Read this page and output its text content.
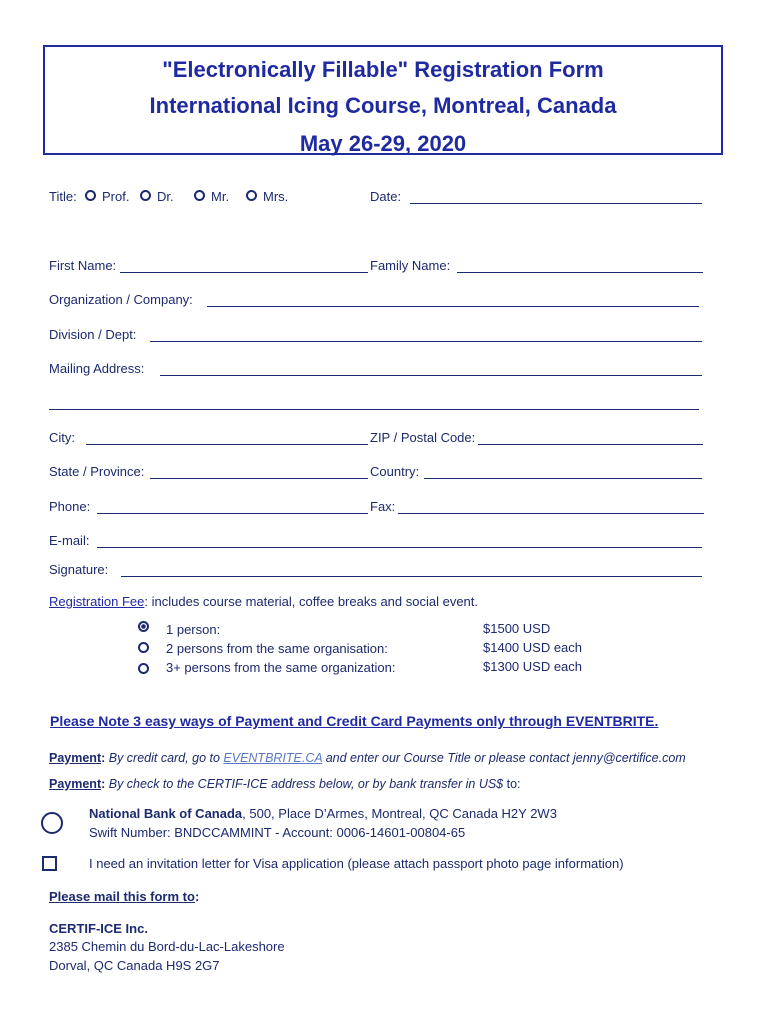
"Electronically Fillable" Registration Form
International Icing Course, Montreal, Canada
May 26-29, 2020
Title: Prof. Dr.	Mr.	Mrs.	Date:
First Name:	Family Name:
Organization / Company:
Division / Dept:
Mailing Address:
City:	ZIP / Postal Code:
State / Province:	Country:
Phone:	Fax:
E-mail:
Signature:
Registration Fee: includes course material, coffee breaks and social event.
1 person:	$1500 USD
2 persons from the same organisation:	$1400 USD each
3+ persons from the same organization:	$1300 USD each
Please Note 3 easy ways of Payment and Credit Card Payments only through EVENTBRITE.
Payment: By credit card, go to EVENTBRITE.CA and enter our Course Title or please contact jenny@certifice.com
Payment: By check to the CERTIF-ICE address below, or by bank transfer in US$ to:
National Bank of Canada, 500, Place D’Armes, Montreal, QC Canada H2Y 2W3
Swift Number: BNDCCAMMINT - Account: 0006-14601-00804-65
I need an invitation letter for Visa application (please attach passport photo page information)
Please mail this form to:
CERTIF-ICE Inc.
2385 Chemin du Bord-du-Lac-Lakeshore
Dorval, QC Canada H9S 2G7
